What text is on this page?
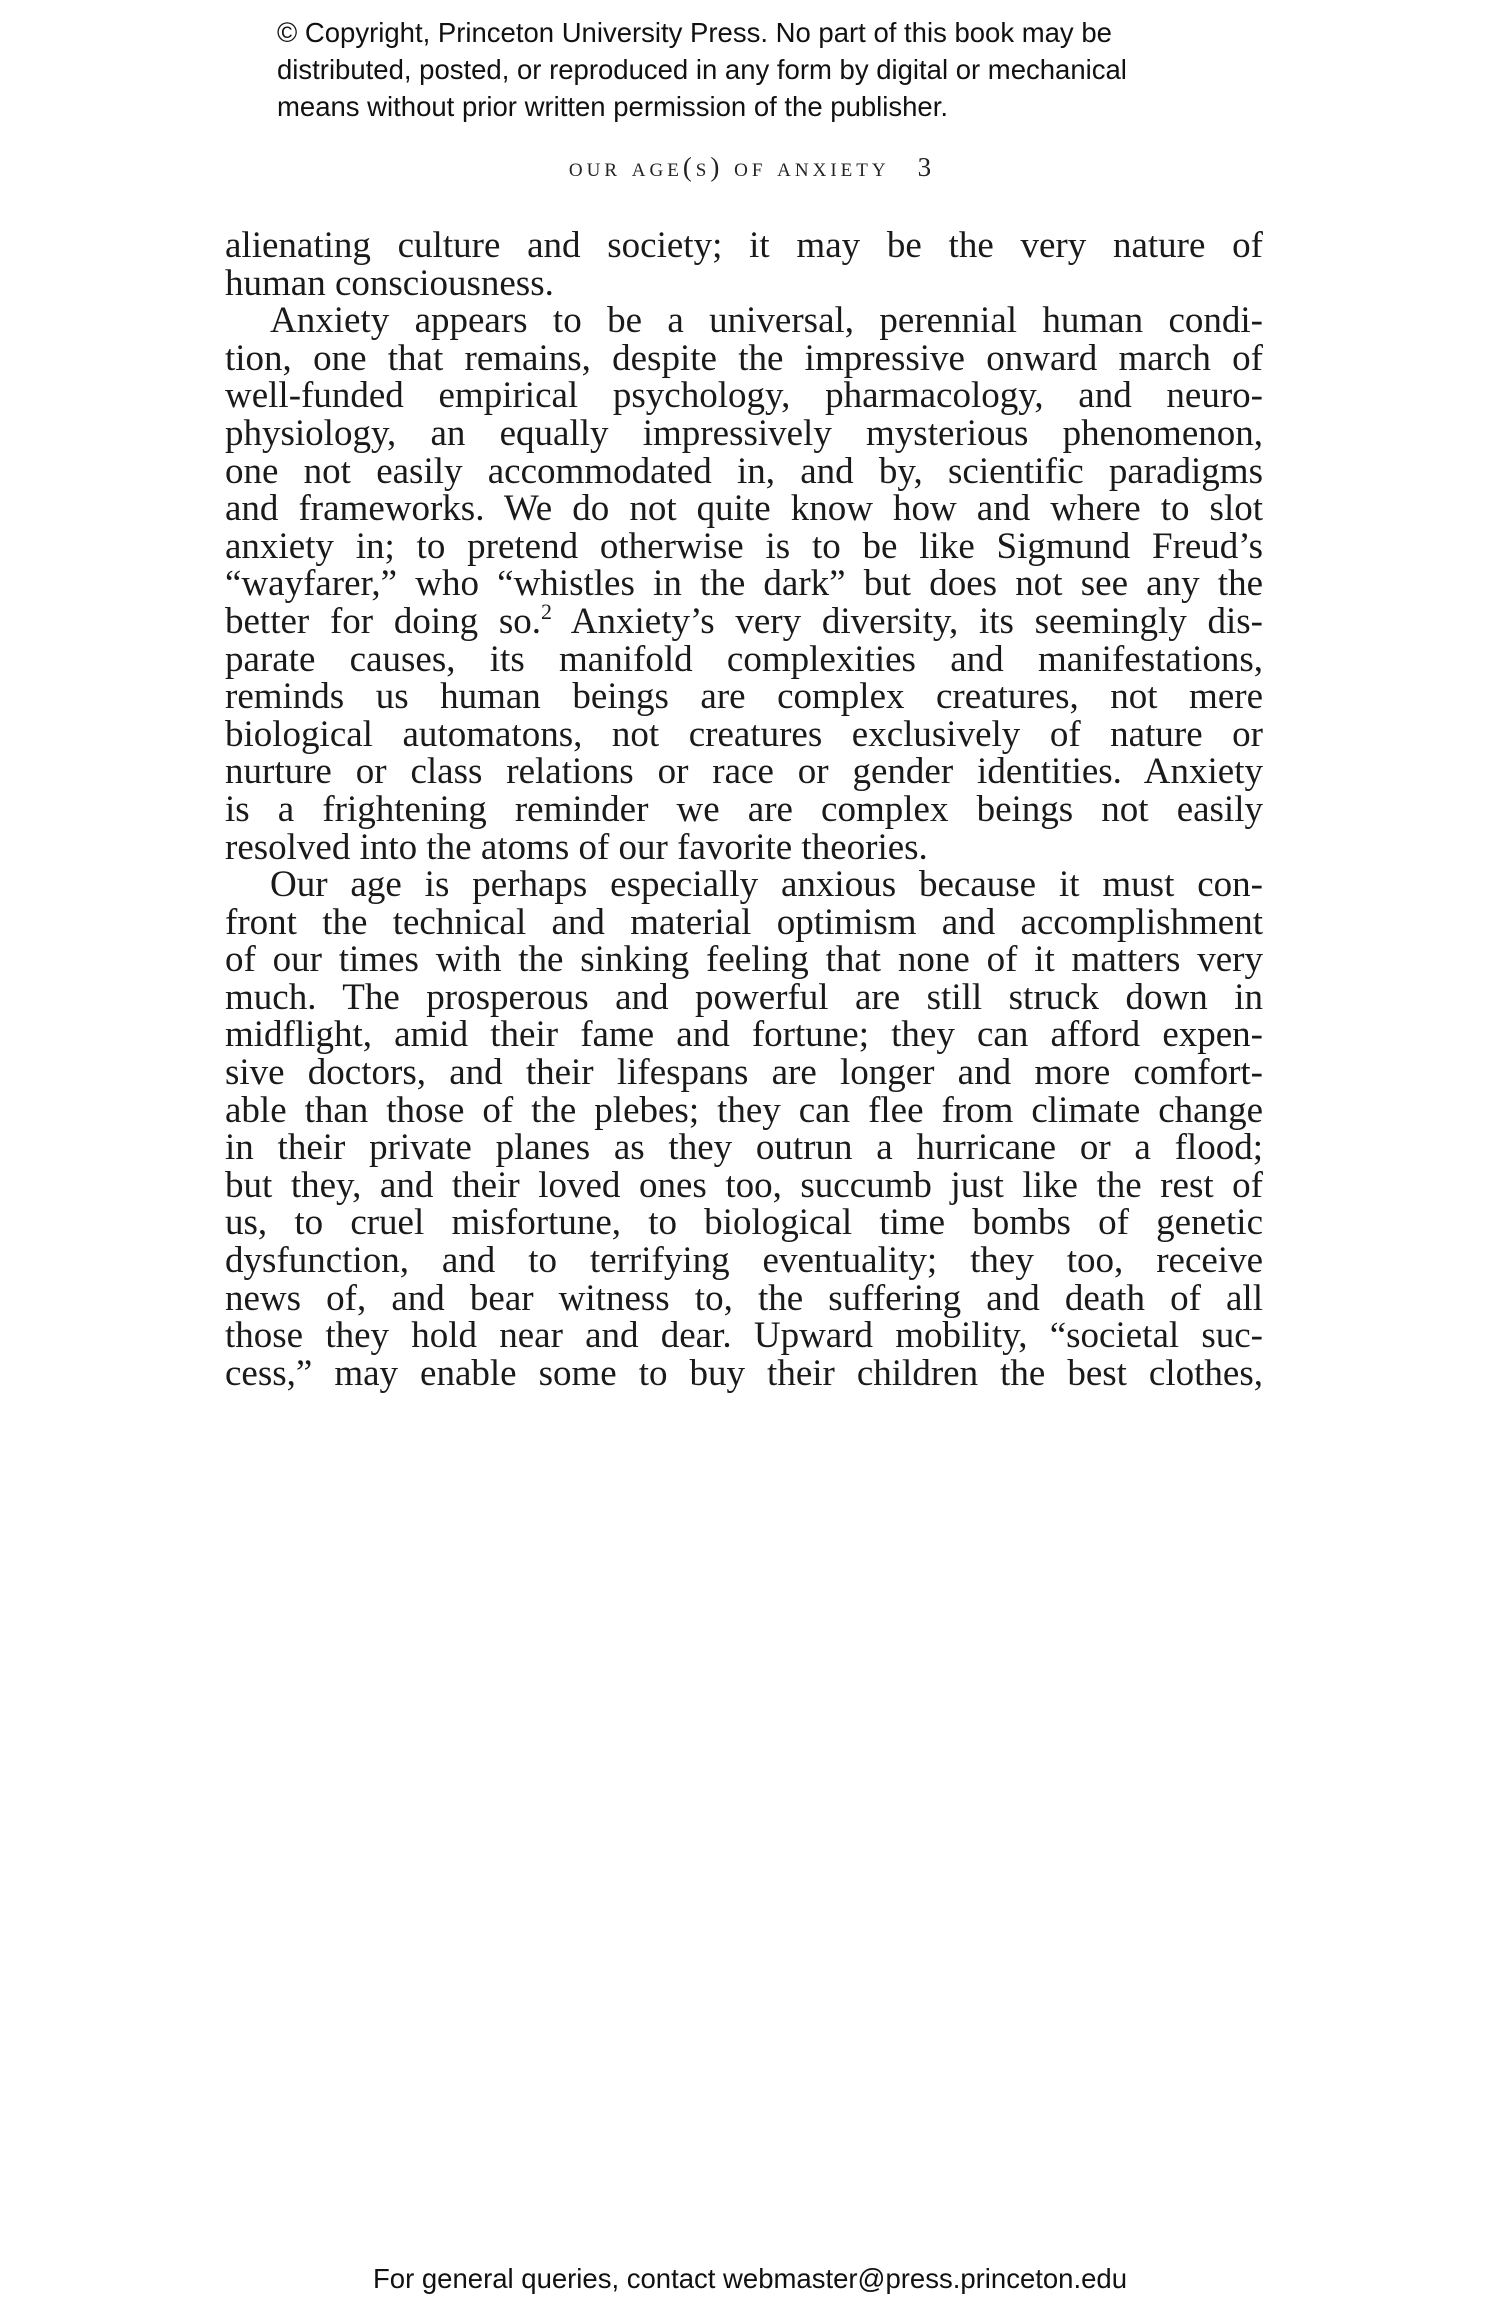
© Copyright, Princeton University Press. No part of this book may be
distributed, posted, or reproduced in any form by digital or mechanical
means without prior written permission of the publisher.
our age(s) of anxiety 3
alienating culture and society; it may be the very nature of
human consciousness.
Anxiety appears to be a universal, perennial human condi-
tion, one that remains, despite the impressive onward march of
well-funded empirical psychology, pharmacology, and neuro-
physiology, an equally impressively mysterious phenomenon,
one not easily accommodated in, and by, scientific paradigms
and frameworks. We do not quite know how and where to slot
anxiety in; to pretend otherwise is to be like Sigmund Freud’s
“wayfarer,” who “whistles in the dark” but does not see any the
better for doing so.$^2$ Anxiety’s very diversity, its seemingly dis-
parate causes, its manifold complexities and manifestations,
reminds us human beings are complex creatures, not mere
biological automatons, not creatures exclusively of nature or
nurture or class relations or race or gender identities. Anxiety
is a frightening reminder we are complex beings not easily
resolved into the atoms of our favorite theories.
Our age is perhaps especially anxious because it must con-
front the technical and material optimism and accomplishment
of our times with the sinking feeling that none of it matters very
much. The prosperous and powerful are still struck down in
midflight, amid their fame and fortune; they can afford expen-
sive doctors, and their lifespans are longer and more comfort-
able than those of the plebes; they can flee from climate change
in their private planes as they outrun a hurricane or a flood;
but they, and their loved ones too, succumb just like the rest of
us, to cruel misfortune, to biological time bombs of genetic
dysfunction, and to terrifying eventuality; they too, receive
news of, and bear witness to, the suffering and death of all
those they hold near and dear. Upward mobility, “societal suc-
cess,” may enable some to buy their children the best clothes,
For general queries, contact webmaster@press.princeton.edu
